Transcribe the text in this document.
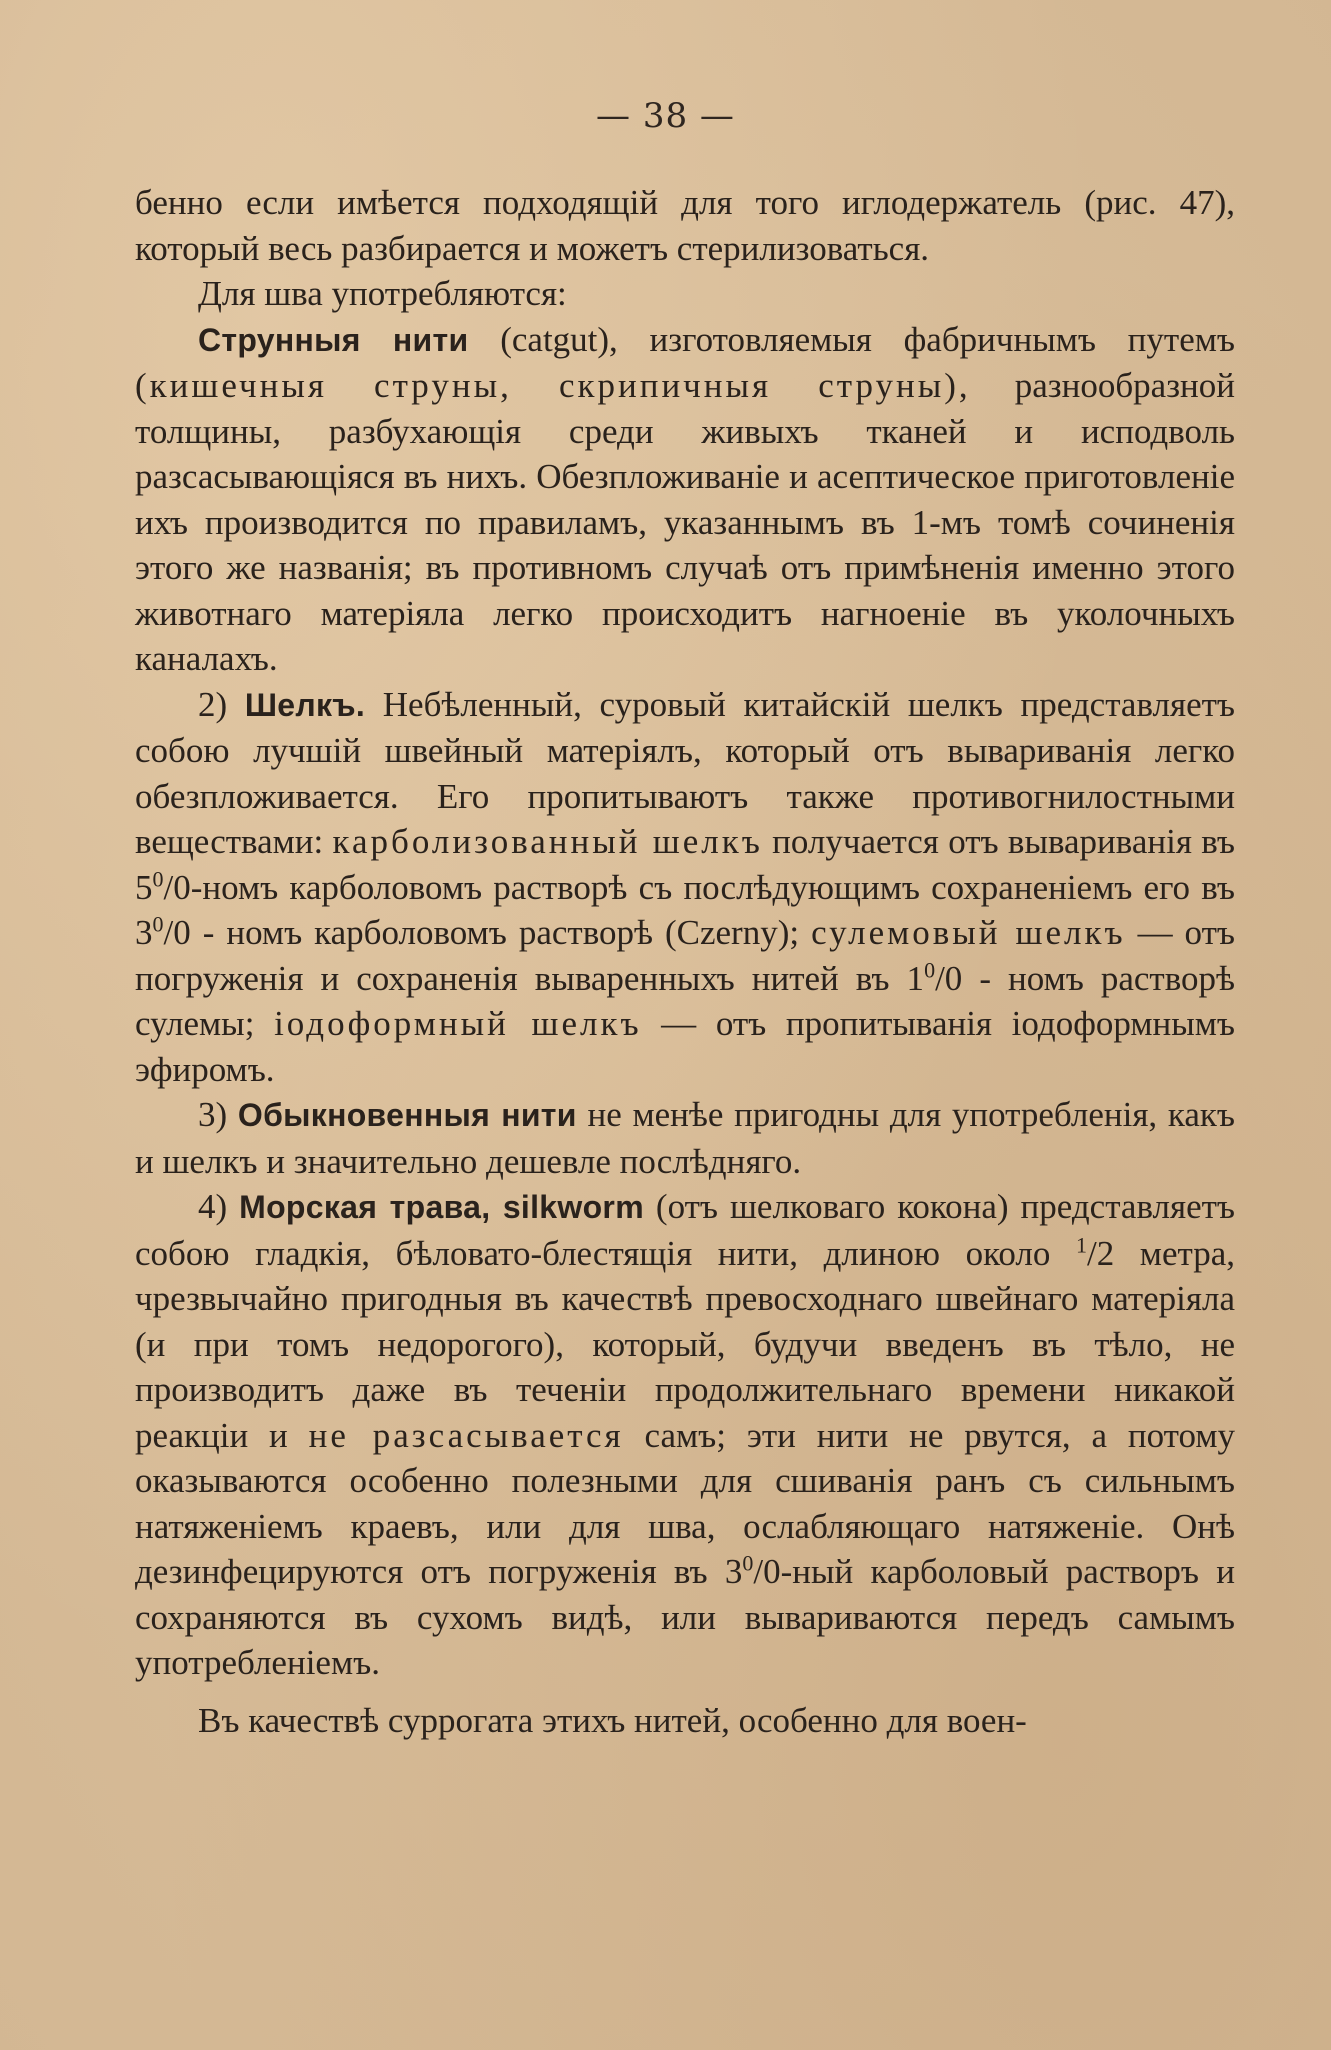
— 38 —

бенно если имѣется подходящій для того иглодержатель (рис. 47), который весь разбирается и можетъ стерилизоваться.

Для шва употребляются:

Струнныя нити (catgut), изготовляемыя фабричнымъ путемъ (кишечныя струны, скрипичныя струны), разнообразной толщины, разбухающія среди живыхъ тканей и исподволь разсасывающіяся въ нихъ. Обезпложиваніе и асептическое приготовленіе ихъ производится по правиламъ, указаннымъ въ 1-мъ томѣ сочиненія этого же названія; въ противномъ случаѣ отъ примѣненія именно этого животнаго матеріяла легко происходитъ нагноеніе въ уколочныхъ каналахъ.

2) Шелкъ. Небѣленный, суровый китайскій шелкъ представляетъ собою лучшій швейный матеріялъ, который отъ вывариванія легко обезпложивается. Его пропитываютъ также противогнилостными веществами: карболизованный шелкъ получается отъ вывариванія въ $5^0/0$-номъ карболовомъ растворѣ съ послѣдующимъ сохраненіемъ его въ $3^0/0$ - номъ карболовомъ растворѣ (Czerny); сулемовый шелкъ — отъ погруженія и сохраненія вываренныхъ нитей въ $1^0/0$ - номъ растворѣ сулемы; іодоформный шелкъ — отъ пропитыванія іодоформнымъ эфиромъ.

3) Обыкновенныя нити не менѣе пригодны для употребленія, какъ и шелкъ и значительно дешевле послѣдняго.

4) Морская трава, silkworm (отъ шелковаго кокона) представляетъ собою гладкія, бѣловато-блестящія нити, длиною около $^1$/2 метра, чрезвычайно пригодныя въ качествѣ превосходнаго швейнаго матеріяла (и при томъ недорогого), который, будучи введенъ въ тѣло, не производитъ даже въ теченіи продолжительнаго времени никакой реакціи и не разсасывается самъ; эти нити не рвутся, а потому оказываются особенно полезными для сшиванія ранъ съ сильнымъ натяженіемъ краевъ, или для шва, ослабляющаго натяженіе. Онѣ дезинфецируются отъ погруженія въ $3^0/0$-ный карболовый растворъ и сохраняются въ сухомъ видѣ, или вывариваются передъ самымъ употребленіемъ.

Въ качествѣ суррогата этихъ нитей, особенно для воен-
